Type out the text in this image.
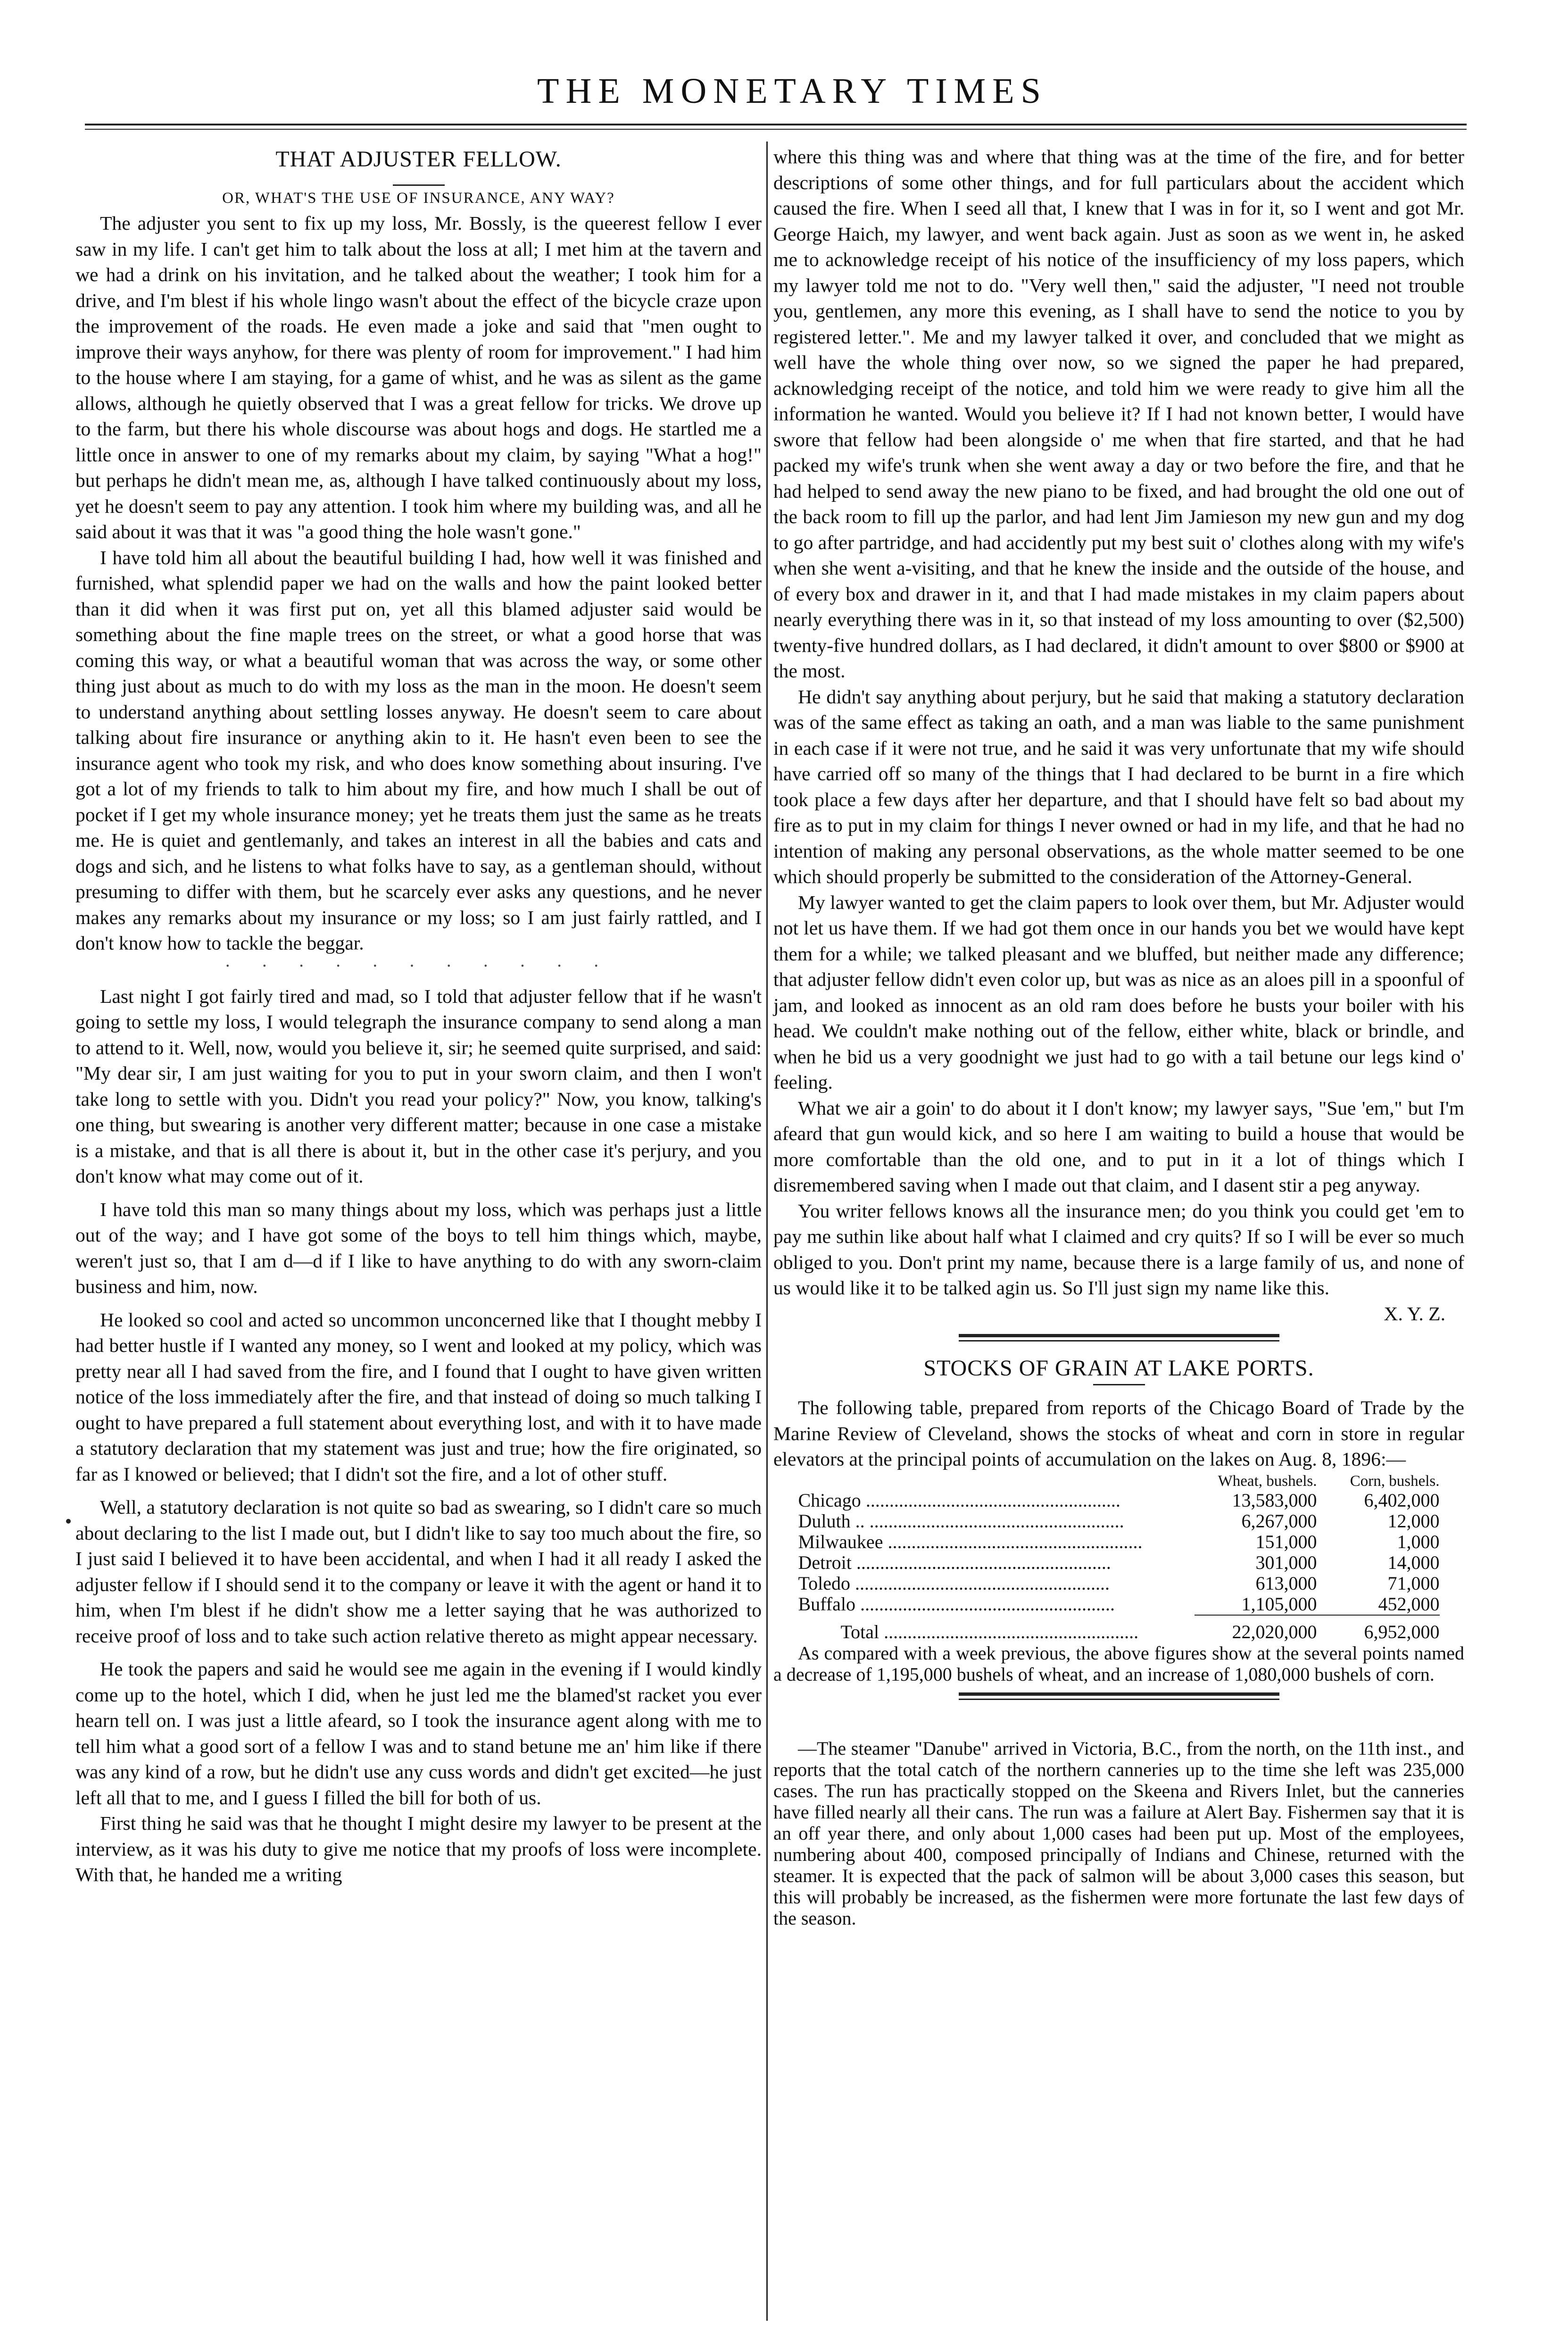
THE MONETARY TIMES
THAT ADJUSTER FELLOW.
OR, WHAT'S THE USE OF INSURANCE, ANY WAY?

The adjuster you sent to fix up my loss, Mr. Bossly, is the queerest fellow I ever saw in my life. I can't get him to talk about the loss at all; I met him at the tavern and we had a drink on his invitation, and he talked about the weather; I took him for a drive, and I'm blest if his whole lingo wasn't about the effect of the bicycle craze upon the improvement of the roads. He even made a joke and said that "men ought to improve their ways anyhow, for there was plenty of room for improvement." I had him to the house where I am staying, for a game of whist, and he was as silent as the game allows, although he quietly observed that I was a great fellow for tricks. We drove up to the farm, but there his whole discourse was about hogs and dogs. He startled me a little once in answer to one of my remarks about my claim, by saying "What a hog!" but perhaps he didn't mean me, as, although I have talked continuously about my loss, yet he doesn't seem to pay any attention. I took him where my building was, and all he said about it was that it was "a good thing the hole wasn't gone."

I have told him all about the beautiful building I had, how well it was finished and furnished, what splendid paper we had on the walls and how the paint looked better than it did when it was first put on, yet all this blamed adjuster said would be something about the fine maple trees on the street, or what a good horse that was coming this way, or what a beautiful woman that was across the way, or some other thing just about as much to do with my loss as the man in the moon. He doesn't seem to understand anything about settling losses anyway. He doesn't seem to care about talking about fire insurance or anything akin to it. He hasn't even been to see the insurance agent who took my risk, and who does know something about insuring. I've got a lot of my friends to talk to him about my fire, and how much I shall be out of pocket if I get my whole insurance money; yet he treats them just the same as he treats me. He is quiet and gentlemanly, and takes an interest in all the babies and cats and dogs and sich, and he listens to what folks have to say, as a gentleman should, without presuming to differ with them, but he scarcely ever asks any questions, and he never makes any remarks about my insurance or my loss; so I am just fairly rattled, and I don't know how to tackle the beggar.

· · · · · · · · · · ·

Last night I got fairly tired and mad, so I told that adjuster fellow that if he wasn't going to settle my loss, I would telegraph the insurance company to send along a man to attend to it. Well, now, would you believe it, sir; he seemed quite surprised, and said: "My dear sir, I am just waiting for you to put in your sworn claim, and then I won't take long to settle with you. Didn't you read your policy?" Now, you know, talking's one thing, but swearing is another very different matter; because in one case a mistake is a mistake, and that is all there is about it, but in the other case it's perjury, and you don't know what may come out of it.

I have told this man so many things about my loss, which was perhaps just a little out of the way; and I have got some of the boys to tell him things which, maybe, weren't just so, that I am d—d if I like to have anything to do with any sworn-claim business and him, now.

He looked so cool and acted so uncommon unconcerned like that I thought mebby I had better hustle if I wanted any money, so I went and looked at my policy, which was pretty near all I had saved from the fire, and I found that I ought to have given written notice of the loss immediately after the fire, and that instead of doing so much talking I ought to have prepared a full statement about everything lost, and with it to have made a statutory declaration that my statement was just and true; how the fire originated, so far as I knowed or believed; that I didn't sot the fire, and a lot of other stuff.

Well, a statutory declaration is not quite so bad as swearing, so I didn't care so much about declaring to the list I made out, but I didn't like to say too much about the fire, so I just said I believed it to have been accidental, and when I had it all ready I asked the adjuster fellow if I should send it to the company or leave it with the agent or hand it to him, when I'm blest if he didn't show me a letter saying that he was authorized to receive proof of loss and to take such action relative thereto as might appear necessary.

He took the papers and said he would see me again in the evening if I would kindly come up to the hotel, which I did, when he just led me the blamed'st racket you ever hearn tell on. I was just a little afeard, so I took the insurance agent along with me to tell him what a good sort of a fellow I was and to stand betune me an' him like if there was any kind of a row, but he didn't use any cuss words and didn't get excited—he just left all that to me, and I guess I filled the bill for both of us.

First thing he said was that he thought I might desire my lawyer to be present at the interview, as it was his duty to give me notice that my proofs of loss were incomplete. With that, he handed me a writing

where this thing was and where that thing was at the time of the fire, and for better descriptions of some other things, and for full particulars about the accident which caused the fire. When I seed all that, I knew that I was in for it, so I went and got Mr. George Haich, my lawyer, and went back again. Just as soon as we went in, he asked me to acknowledge receipt of his notice of the insufficiency of my loss papers, which my lawyer told me not to do. "Very well then," said the adjuster, "I need not trouble you, gentlemen, any more this evening, as I shall have to send the notice to you by registered letter.". Me and my lawyer talked it over, and concluded that we might as well have the whole thing over now, so we signed the paper he had prepared, acknowledging receipt of the notice, and told him we were ready to give him all the information he wanted. Would you believe it? If I had not known better, I would have swore that fellow had been alongside o' me when that fire started, and that he had packed my wife's trunk when she went away a day or two before the fire, and that he had helped to send away the new piano to be fixed, and had brought the old one out of the back room to fill up the parlor, and had lent Jim Jamieson my new gun and my dog to go after partridge, and had accidently put my best suit o' clothes along with my wife's when she went a-visiting, and that he knew the inside and the outside of the house, and of every box and drawer in it, and that I had made mistakes in my claim papers about nearly everything there was in it, so that instead of my loss amounting to over ($2,500) twenty-five hundred dollars, as I had declared, it didn't amount to over $800 or $900 at the most.

He didn't say anything about perjury, but he said that making a statutory declaration was of the same effect as taking an oath, and a man was liable to the same punishment in each case if it were not true, and he said it was very unfortunate that my wife should have carried off so many of the things that I had declared to be burnt in a fire which took place a few days after her departure, and that I should have felt so bad about my fire as to put in my claim for things I never owned or had in my life, and that he had no intention of making any personal observations, as the whole matter seemed to be one which should properly be submitted to the consideration of the Attorney-General.

My lawyer wanted to get the claim papers to look over them, but Mr. Adjuster would not let us have them. If we had got them once in our hands you bet we would have kept them for a while; we talked pleasant and we bluffed, but neither made any difference; that adjuster fellow didn't even color up, but was as nice as an aloes pill in a spoonful of jam, and looked as innocent as an old ram does before he busts your boiler with his head. We couldn't make nothing out of the fellow, either white, black or brindle, and when he bid us a very goodnight we just had to go with a tail betune our legs kind o' feeling.

What we air a goin' to do about it I don't know; my lawyer says, "Sue 'em," but I'm afeard that gun would kick, and so here I am waiting to build a house that would be more comfortable than the old one, and to put in it a lot of things which I disremembered saving when I made out that claim, and I dasent stir a peg anyway.

You writer fellows knows all the insurance men; do you think you could get 'em to pay me suthin like about half what I claimed and cry quits? If so I will be ever so much obliged to you. Don't print my name, because there is a large family of us, and none of us would like it to be talked agin us. So I'll just sign my name like this.

X. Y. Z.
STOCKS OF GRAIN AT LAKE PORTS.

The following table, prepared from reports of the Chicago Board of Trade by the Marine Review of Cleveland, shows the stocks of wheat and corn in store in regular elevators at the principal points of accumulation on the lakes on Aug. 8, 1896:—

	Wheat, bushels.	Corn, bushels.
Chicago ......................................................	13,583,000	6,402,000
Duluth .. ......................................................	6,267,000	12,000
Milwaukee ......................................................	151,000	1,000
Detroit ......................................................	301,000	14,000
Toledo ......................................................	613,000	71,000
Buffalo ......................................................	1,105,000	452,000

Total ......................................................	22,020,000	6,952,000

As compared with a week previous, the above figures show at the several points named a decrease of 1,195,000 bushels of wheat, and an increase of 1,080,000 bushels of corn.

—The steamer "Danube" arrived in Victoria, B.C., from the north, on the 11th inst., and reports that the total catch of the northern canneries up to the time she left was 235,000 cases. The run has practically stopped on the Skeena and Rivers Inlet, but the canneries have filled nearly all their cans. The run was a failure at Alert Bay. Fishermen say that it is an off year there, and only about 1,000 cases had been put up. Most of the employees, numbering about 400, composed principally of Indians and Chinese, returned with the steamer. It is expected that the pack of salmon will be about 3,000 cases this season, but this will probably be increased, as the fishermen were more fortunate the last few days of the season.
